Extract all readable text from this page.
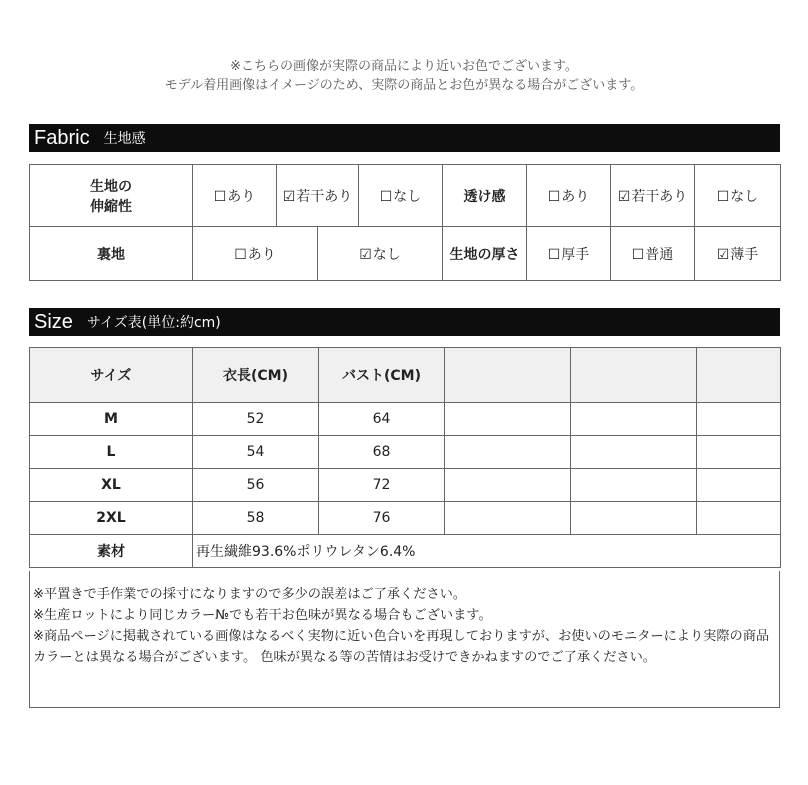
※こちらの画像が実際の商品により近いお色でございます。
モデル着用画像はイメージのため、実際の商品とお色が異なる場合がございます。
Fabric 生地感
生地の
伸縮性	☐あり	☑若干あり		☐なし	透け感	☐あり	☑若干あり	☐なし
裏地	☐あり		☑なし		生地の厚さ	☐厚手	☐普通	☑薄手
Size サイズ表(単位:約cm)
サイズ	衣長(CM)	バスト(CM)			
M	52	64			
L	54	68			
XL	56	72			
2XL	58	76			
素材	再生繊維93.6%ポリウレタン6.4%				
※平置きで手作業での採寸になりますので多少の誤差はご了承ください。
※生産ロットにより同じカラー№でも若干お色味が異なる場合もございます。
※商品ページに掲載されている画像はなるべく実物に近い色合いを再現しておりますが、お使いのモニターにより実際の商品カラーとは異なる場合がございます。 色味が異なる等の苦情はお受けできかねますのでご了承ください。
